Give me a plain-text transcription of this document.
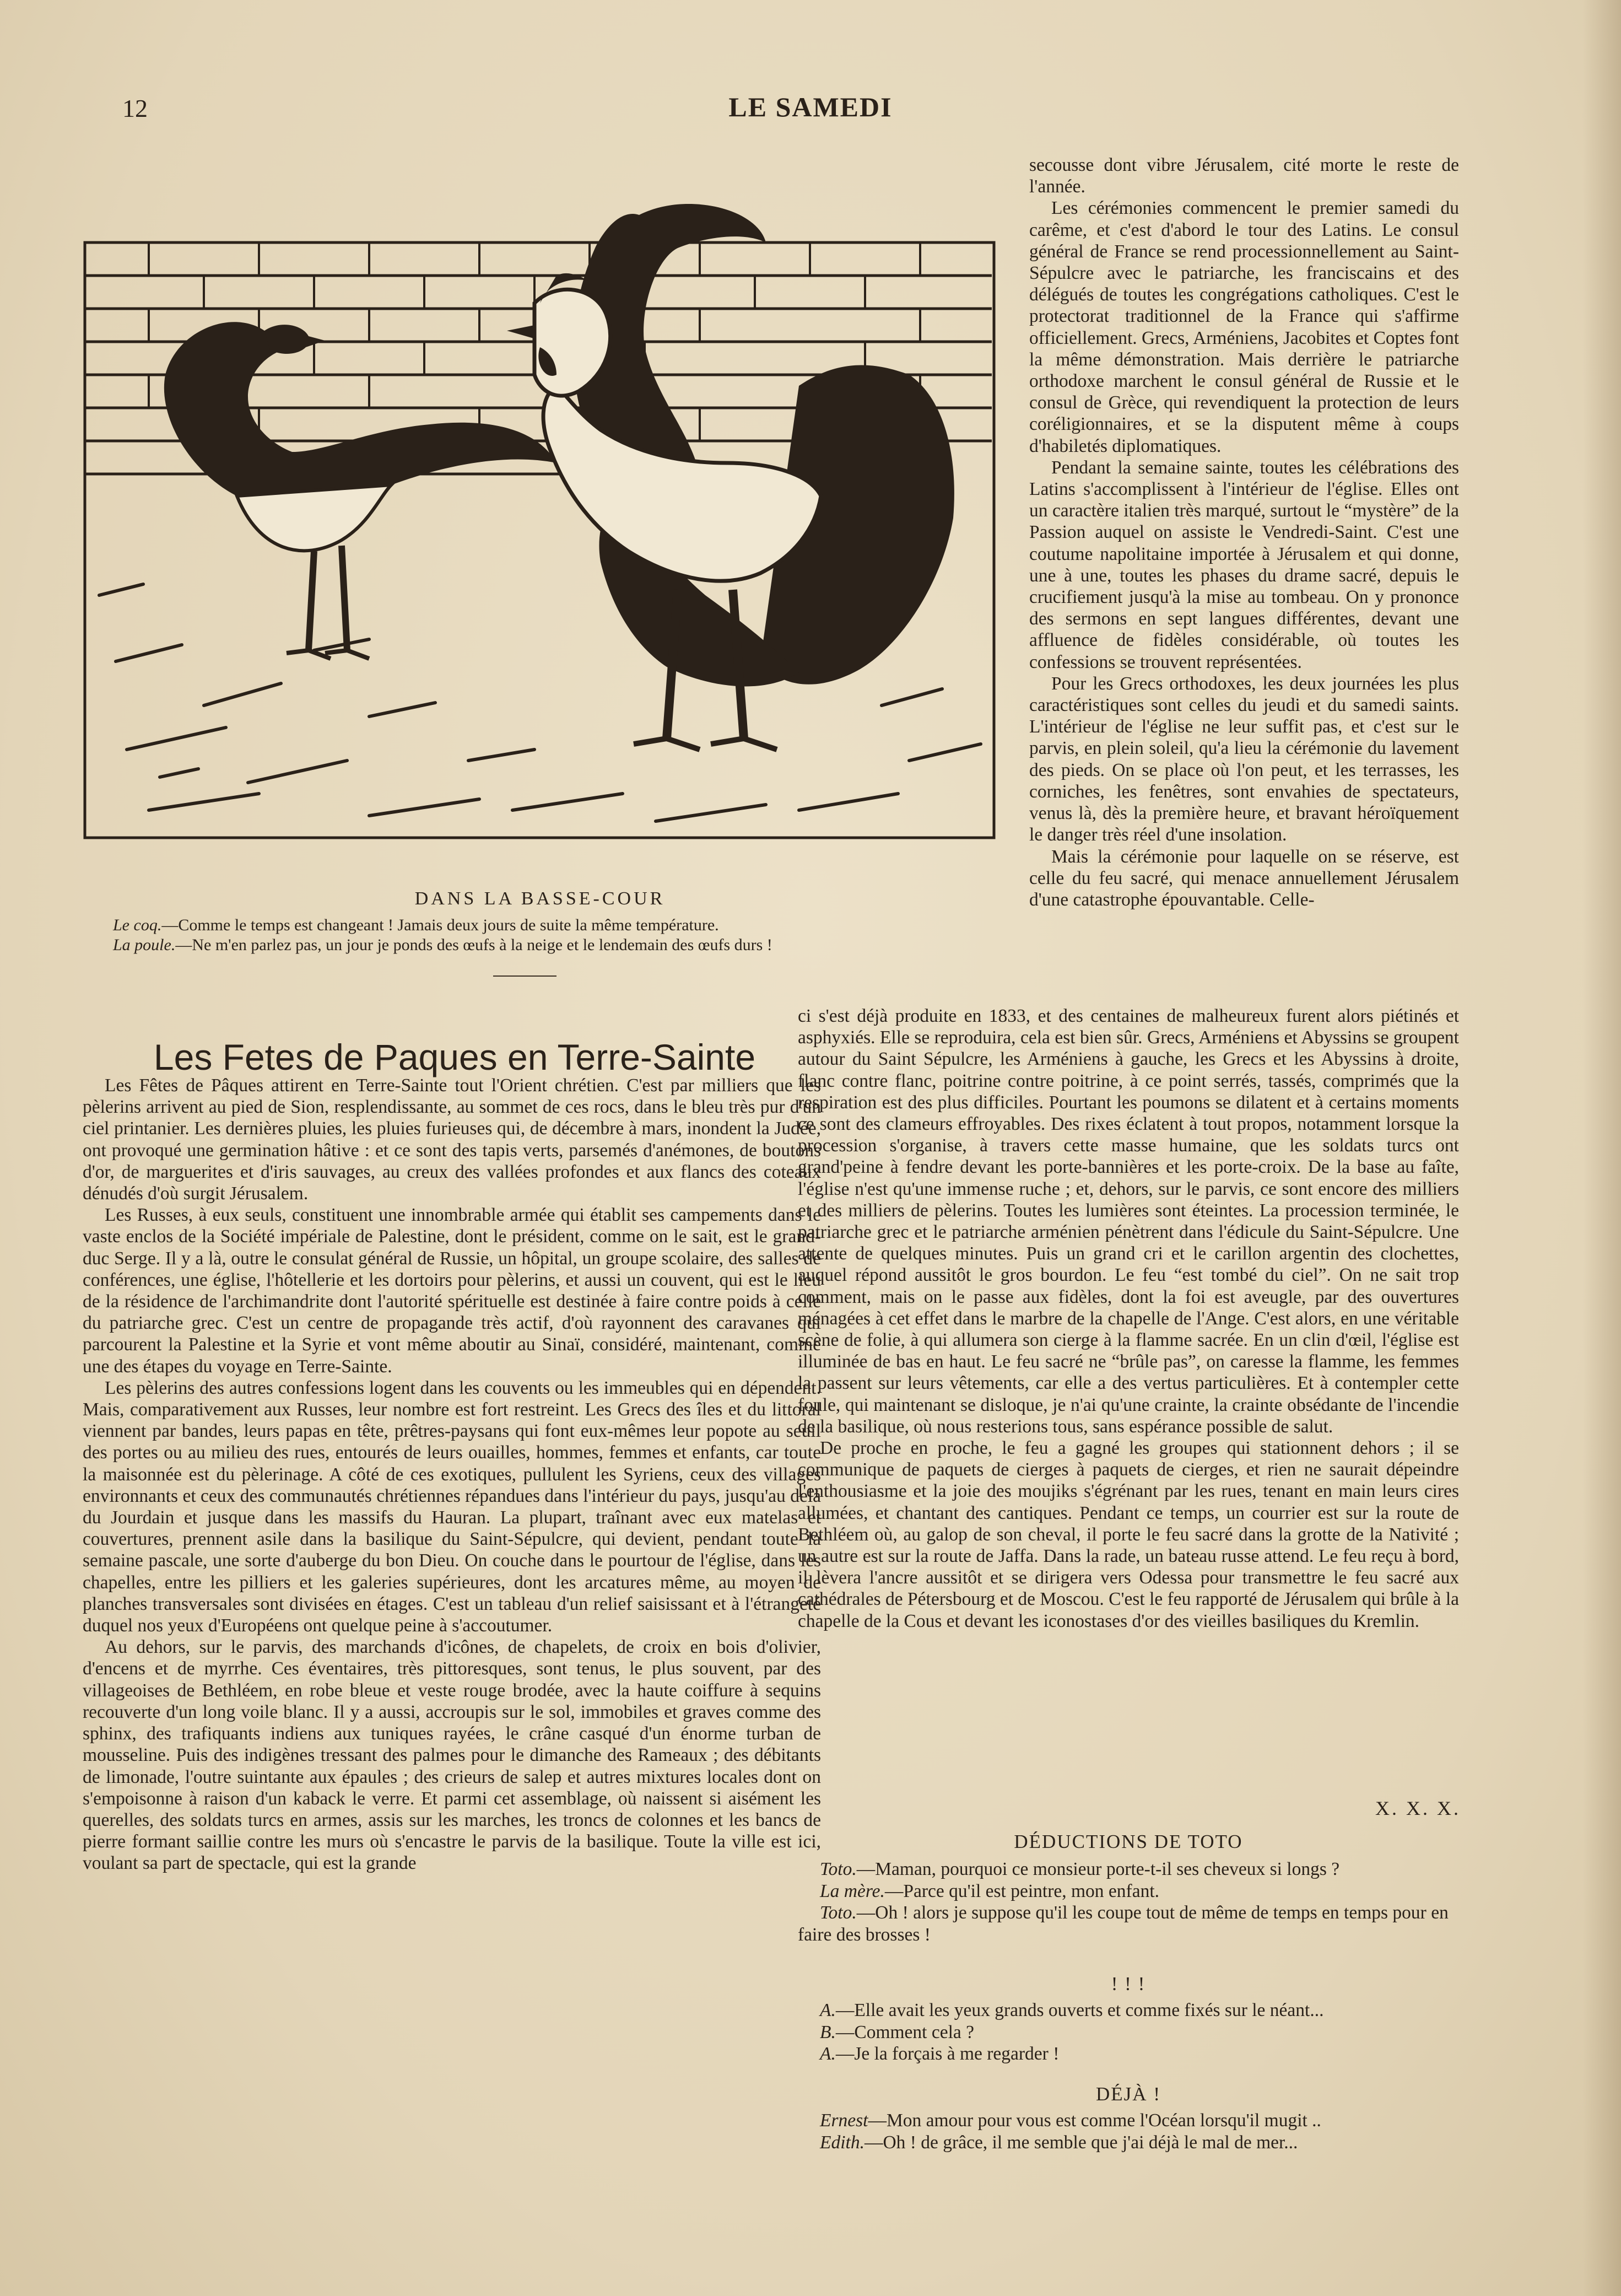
12	LE SAMEDI
DANS LA BASSE-COUR
Le coq.—Comme le temps est changeant ! Jamais deux jours de suite la même température.
La poule.—Ne m'en parlez pas, un jour je ponds des œufs à la neige et le lendemain des œufs durs !
Les Fetes de Paques en Terre-Sainte

Les Fêtes de Pâques attirent en Terre-Sainte tout l'Orient chrétien. C'est par milliers que les pèlerins arrivent au pied de Sion, resplendissante, au sommet de ces rocs, dans le bleu très pur d'un ciel printanier. Les dernières pluies, les pluies furieuses qui, de décembre à mars, inondent la Judée, ont provoqué une germination hâtive : et ce sont des tapis verts, parsemés d'anémones, de boutons d'or, de marguerites et d'iris sauvages, au creux des vallées profondes et aux flancs des coteaux dénudés d'où surgit Jérusalem.

Les Russes, à eux seuls, constituent une innombrable armée qui établit ses campements dans le vaste enclos de la Société impériale de Palestine, dont le président, comme on le sait, est le grand-duc Serge. Il y a là, outre le consulat général de Russie, un hôpital, un groupe scolaire, des salles de conférences, une église, l'hôtellerie et les dortoirs pour pèlerins, et aussi un couvent, qui est le lieu de la résidence de l'archimandrite dont l'autorité spérituelle est destinée à faire contre poids à celle du patriarche grec. C'est un centre de propagande très actif, d'où rayonnent des caravanes qui parcourent la Palestine et la Syrie et vont même aboutir au Sinaï, considéré, maintenant, comme une des étapes du voyage en Terre-Sainte.

Les pèlerins des autres confessions logent dans les couvents ou les immeubles qui en dépendent. Mais, comparativement aux Russes, leur nombre est fort restreint. Les Grecs des îles et du littoral viennent par bandes, leurs papas en tête, prêtres-paysans qui font eux-mêmes leur popote au seuil des portes ou au milieu des rues, entourés de leurs ouailles, hommes, femmes et enfants, car toute la maisonnée est du pèlerinage. A côté de ces exotiques, pullulent les Syriens, ceux des villages environnants et ceux des communautés chrétiennes répandues dans l'intérieur du pays, jusqu'au delà du Jourdain et jusque dans les massifs du Hauran. La plupart, traînant avec eux matelas et couvertures, prennent asile dans la basilique du Saint-Sépulcre, qui devient, pendant toute la semaine pascale, une sorte d'auberge du bon Dieu. On couche dans le pourtour de l'église, dans les chapelles, entre les pilliers et les galeries supérieures, dont les arcatures même, au moyen de planches transversales sont divisées en étages. C'est un tableau d'un relief saisissant et à l'étrangeté duquel nos yeux d'Européens ont quelque peine à s'accoutumer.

Au dehors, sur le parvis, des marchands d'icônes, de chapelets, de croix en bois d'olivier, d'encens et de myrrhe. Ces éventaires, très pittoresques, sont tenus, le plus souvent, par des villageoises de Bethléem, en robe bleue et veste rouge brodée, avec la haute coiffure à sequins recouverte d'un long voile blanc. Il y a aussi, accroupis sur le sol, immobiles et graves comme des sphinx, des trafiquants indiens aux tuniques rayées, le crâne casqué d'un énorme turban de mousseline. Puis des indigènes tressant des palmes pour le dimanche des Rameaux ; des débitants de limonade, l'outre suintante aux épaules ; des crieurs de salep et autres mixtures locales dont on s'empoisonne à raison d'un kaback le verre. Et parmi cet assemblage, où naissent si aisément les querelles, des soldats turcs en armes, assis sur les marches, les troncs de colonnes et les bancs de pierre formant saillie contre les murs où s'encastre le parvis de la basilique. Toute la ville est ici, voulant sa part de spectacle, qui est la grande

secousse dont vibre Jérusalem, cité morte le reste de l'année.

Les cérémonies commencent le premier samedi du carême, et c'est d'abord le tour des Latins. Le consul général de France se rend processionnellement au Saint-Sépulcre avec le patriarche, les franciscains et des délégués de toutes les congrégations catholiques. C'est le protectorat traditionnel de la France qui s'affirme officiellement. Grecs, Arméniens, Jacobites et Coptes font la même démonstration. Mais derrière le patriarche orthodoxe marchent le consul général de Russie et le consul de Grèce, qui revendiquent la protection de leurs coréligionnaires, et se la disputent même à coups d'habiletés diplomatiques.

Pendant la semaine sainte, toutes les célébrations des Latins s'accomplissent à l'intérieur de l'église. Elles ont un caractère italien très marqué, surtout le “mystère” de la Passion auquel on assiste le Vendredi-Saint. C'est une coutume napolitaine importée à Jérusalem et qui donne, une à une, toutes les phases du drame sacré, depuis le crucifiement jusqu'à la mise au tombeau. On y prononce des sermons en sept langues différentes, devant une affluence de fidèles considérable, où toutes les confessions se trouvent représentées.

Pour les Grecs orthodoxes, les deux journées les plus caractéristiques sont celles du jeudi et du samedi saints. L'intérieur de l'église ne leur suffit pas, et c'est sur le parvis, en plein soleil, qu'a lieu la cérémonie du lavement des pieds. On se place où l'on peut, et les terrasses, les corniches, les fenêtres, sont envahies de spectateurs, venus là, dès la première heure, et bravant héroïquement le danger très réel d'une insolation.

Mais la cérémonie pour laquelle on se réserve, est celle du feu sacré, qui menace annuellement Jérusalem d'une catastrophe épouvantable. Celle-

ci s'est déjà produite en 1833, et des centaines de malheureux furent alors piétinés et asphyxiés. Elle se reproduira, cela est bien sûr. Grecs, Arméniens et Abyssins se groupent autour du Saint Sépulcre, les Arméniens à gauche, les Grecs et les Abyssins à droite, flanc contre flanc, poitrine contre poitrine, à ce point serrés, tassés, comprimés que la respiration est des plus difficiles. Pourtant les poumons se dilatent et à certains moments ce sont des clameurs effroyables. Des rixes éclatent à tout propos, notamment lorsque la procession s'organise, à travers cette masse humaine, que les soldats turcs ont grand'peine à fendre devant les porte-bannières et les porte-croix. De la base au faîte, l'église n'est qu'une immense ruche ; et, dehors, sur le parvis, ce sont encore des milliers et des milliers de pèlerins. Toutes les lumières sont éteintes. La procession terminée, le patriarche grec et le patriarche arménien pénètrent dans l'édicule du Saint-Sépulcre. Une attente de quelques minutes. Puis un grand cri et le carillon argentin des clochettes, auquel répond aussitôt le gros bourdon. Le feu “est tombé du ciel”. On ne sait trop comment, mais on le passe aux fidèles, dont la foi est aveugle, par des ouvertures ménagées à cet effet dans le marbre de la chapelle de l'Ange. C'est alors, en une véritable scène de folie, à qui allumera son cierge à la flamme sacrée. En un clin d'œil, l'église est illuminée de bas en haut. Le feu sacré ne “brûle pas”, on caresse la flamme, les femmes la passent sur leurs vêtements, car elle a des vertus particulières. Et à contempler cette foule, qui maintenant se disloque, je n'ai qu'une crainte, la crainte obsédante de l'incendie de la basilique, où nous resterions tous, sans espérance possible de salut.

De proche en proche, le feu a gagné les groupes qui stationnent dehors ; il se communique de paquets de cierges à paquets de cierges, et rien ne saurait dépeindre l'enthousiasme et la joie des moujiks s'égrénant par les rues, tenant en main leurs cires allumées, et chantant des cantiques. Pendant ce temps, un courrier est sur la route de Bethléem où, au galop de son cheval, il porte le feu sacré dans la grotte de la Nativité ; un autre est sur la route de Jaffa. Dans la rade, un bateau russe attend. Le feu reçu à bord, il lèvera l'ancre aussitôt et se dirigera vers Odessa pour transmettre le feu sacré aux cathédrales de Pétersbourg et de Moscou. C'est le feu rapporté de Jérusalem qui brûle à la chapelle de la Cous et devant les iconostases d'or des vieilles basiliques du Kremlin.

X. X. X.
DÉDUCTIONS DE TOTO
Toto.—Maman, pourquoi ce monsieur porte-t-il ses cheveux si longs ?
La mère.—Parce qu'il est peintre, mon enfant.
Toto.—Oh ! alors je suppose qu'il les coupe tout de même de temps en temps pour en faire des brosses !
! ! !
A.—Elle avait les yeux grands ouverts et comme fixés sur le néant...
B.—Comment cela ?
A.—Je la forçais à me regarder !
DÉJÀ !
Ernest—Mon amour pour vous est comme l'Océan lorsqu'il mugit ..
Edith.—Oh ! de grâce, il me semble que j'ai déjà le mal de mer...
